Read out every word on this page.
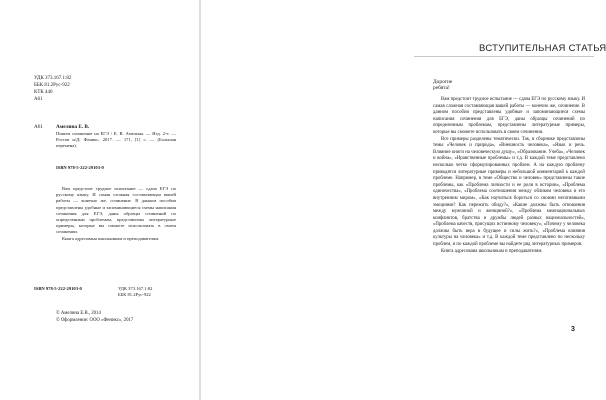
УДК 373.167.1:82
ББК 81.2Рус-922
КТК 440
А61
А61	Амелина Е. В.
Пишем сочинение на ЕГЭ / Е. В. Амелина. — Изд. 2-е. — Ростов н/Д: Феникс, 2017. — 171, [1] с. — (Большая перемена).
ISBN 978-5-222-29103-0
Вам предстоит трудное испытание — сдача ЕГЭ по русскому языку. И самая сложная составляющая вашей работы — конечно же, сочинение. В данном пособии представлены удобные и запоминающиеся схемы написания сочинения для ЕГЭ, даны образцы сочинений по определенным проблемам, представлены литературные примеры, которые вы сможете использовать в своем сочинении.
Книга адресована школьникам и преподавателям.
ISBN 978-5-222-29103-0	УДК 373.167.1:82
ББК 81.2Рус-922
© Амелина Е.В., 2014
© Оформление: ООО «Феникс», 2017
ВСТУПИТЕЛЬНАЯ СТАТЬЯ
Дорогие ребята!

Вам предстоит трудное испытание — сдача ЕГЭ по русскому языку. И самая сложная составляющая вашей работы — конечно же, сочинение. В данном пособии представлены удобные и запоминающиеся схемы написания сочинения для ЕГЭ, даны образцы сочинений по определенным проблемам, представлены литературные примеры, которые вы сможете использовать в своем сочинении.

Все примеры разделены тематически. Так, в сборнике представлены темы «Человек и природа», «Внешность человека», «Язык и речь. Влияние книги на человеческую душу», «Образование. Учеба», «Человек и война», «Нравственные проблемы» и т.д. В каждой теме представлено несколько четко сформулированных проблем. А на каждую проблему приводятся литературные примеры и небольшой комментарий к каждой проблеме. Например, в теме «Общество и человек» представлены такие проблемы, как «Проблема личности и ее роли в истории», «Проблема одиночества», «Проблема соотношения между обликом человека и его внутренним миром», «Как научиться бороться со своими негативными эмоциями? Как пережить обиду?», «Какие должны быть отношения между мужчиной и женщиной?», «Проблема межнациональных конфликтов, братства и дружбы людей разных национальностей», «Проблема качеств, присущих истинному человеку», «Почему у человека должны быть вера в будущее и силы жить?», «Проблема влияния культуры на человека» и т.д. В каждой теме представлено по нескольку проблем, и по каждой проблеме вы найдете ряд литературных примеров.

Книга адресована школьникам и преподавателям.

3
